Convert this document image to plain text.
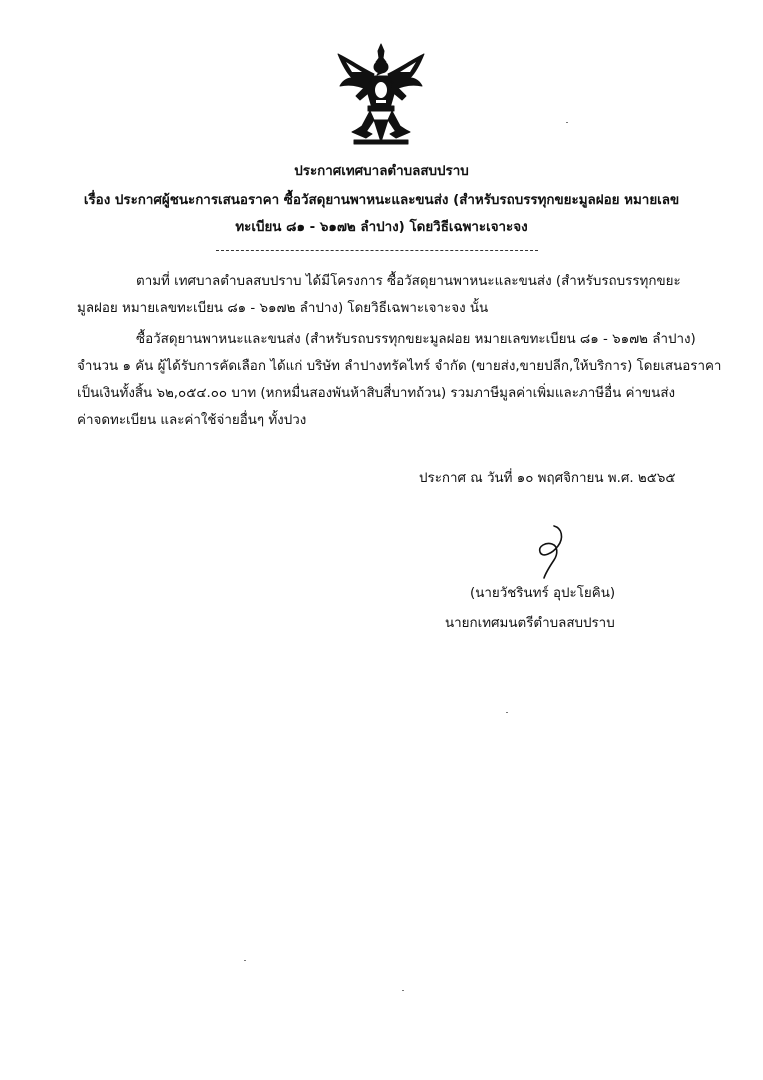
ประกาศเทศบาลตำบลสบปราบ
เรื่อง ประกาศผู้ชนะการเสนอราคา ซื้อวัสดุยานพาหนะและขนส่ง (สำหรับรถบรรทุกขยะมูลฝอย หมายเลข
ทะเบียน ๘๑ - ๖๑๗๒ ลำปาง) โดยวิธีเฉพาะเจาะจง
ตามที่ เทศบาลตำบลสบปราบ ได้มีโครงการ ซื้อวัสดุยานพาหนะและขนส่ง (สำหรับรถบรรทุกขยะ
มูลฝอย หมายเลขทะเบียน ๘๑ - ๖๑๗๒ ลำปาง) โดยวิธีเฉพาะเจาะจง นั้น
ซื้อวัสดุยานพาหนะและขนส่ง (สำหรับรถบรรทุกขยะมูลฝอย หมายเลขทะเบียน ๘๑ - ๖๑๗๒ ลำปาง)
จำนวน ๑ คัน ผู้ได้รับการคัดเลือก ได้แก่ บริษัท ลำปางทรัคไทร์ จำกัด (ขายส่ง,ขายปลีก,ให้บริการ) โดยเสนอราคา
เป็นเงินทั้งสิ้น ๖๒,๐๕๔.๐๐ บาท (หกหมื่นสองพันห้าสิบสี่บาทถ้วน) รวมภาษีมูลค่าเพิ่มและภาษีอื่น ค่าขนส่ง
ค่าจดทะเบียน และค่าใช้จ่ายอื่นๆ ทั้งปวง
ประกาศ ณ วันที่ ๑๐ พฤศจิกายน พ.ศ. ๒๕๖๕
(นายวัชรินทร์ อุปะโยคิน)
นายกเทศมนตรีตำบลสบปราบ
